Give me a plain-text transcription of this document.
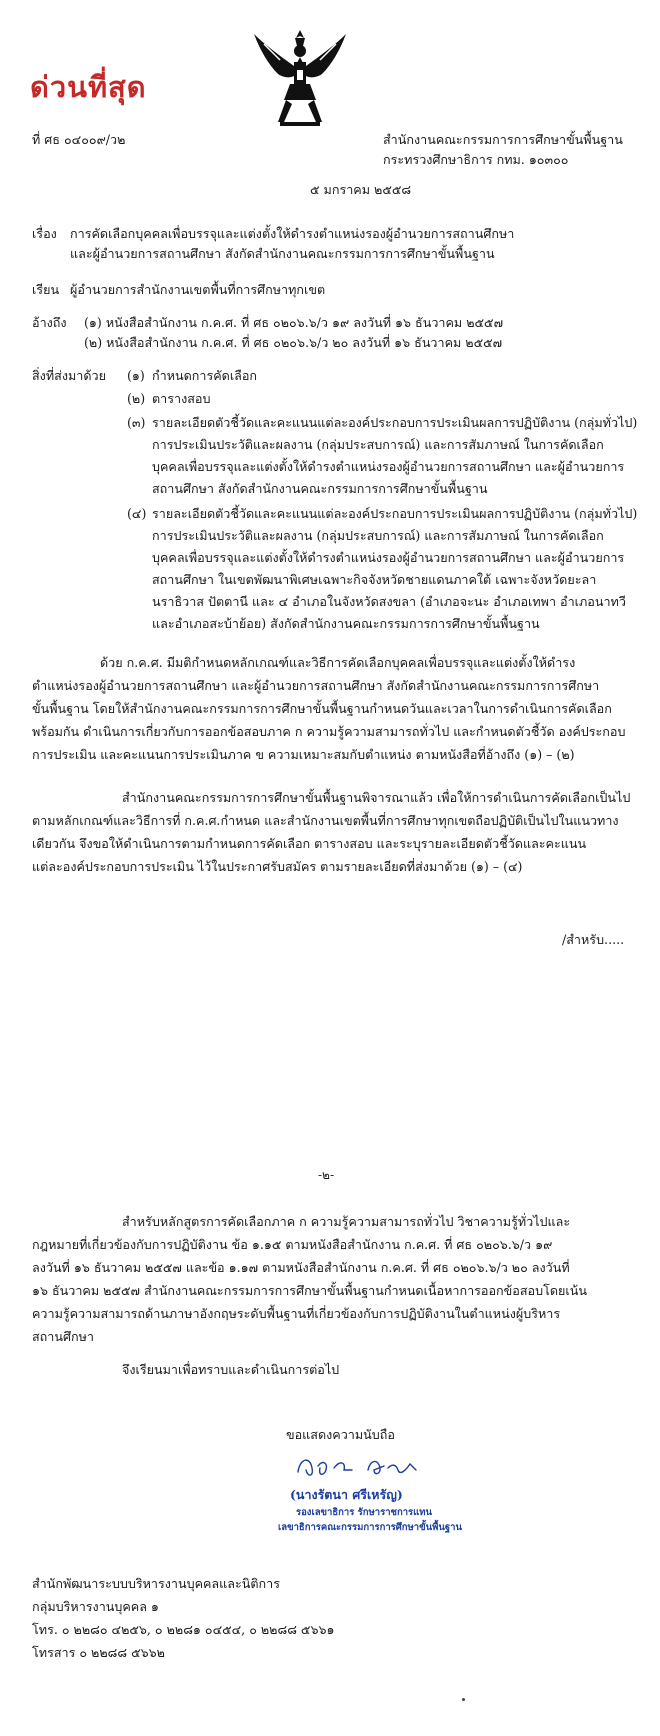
ด่วนที่สุด
ที่ ศธ ๐๔๐๐๙/ว๒	สำนักงานคณะกรรมการการศึกษาขั้นพื้นฐาน
กระทรวงศึกษาธิการ กทม. ๑๐๓๐๐
๕ มกราคม ๒๕๕๘
เรื่อง การคัดเลือกบุคคลเพื่อบรรจุและแต่งตั้งให้ดำรงตำแหน่งรองผู้อำนวยการสถานศึกษา
และผู้อำนวยการสถานศึกษา สังกัดสำนักงานคณะกรรมการการศึกษาขั้นพื้นฐาน
เรียน ผู้อำนวยการสำนักงานเขตพื้นที่การศึกษาทุกเขต
อ้างถึง (๑) หนังสือสำนักงาน ก.ค.ศ. ที่ ศธ ๐๒๐๖.๖/ว ๑๙ ลงวันที่ ๑๖ ธันวาคม ๒๕๕๗
(๒) หนังสือสำนักงาน ก.ค.ศ. ที่ ศธ ๐๒๐๖.๖/ว ๒๐ ลงวันที่ ๑๖ ธันวาคม ๒๕๕๗
สิ่งที่ส่งมาด้วย (๑) กำหนดการคัดเลือก
(๒) ตารางสอบ
(๓) รายละเอียดตัวชี้วัดและคะแนนแต่ละองค์ประกอบการประเมินผลการปฏิบัติงาน (กลุ่มทั่วไป)
การประเมินประวัติและผลงาน (กลุ่มประสบการณ์) และการสัมภาษณ์ ในการคัดเลือก
บุคคลเพื่อบรรจุและแต่งตั้งให้ดำรงตำแหน่งรองผู้อำนวยการสถานศึกษา และผู้อำนวยการ
สถานศึกษา สังกัดสำนักงานคณะกรรมการการศึกษาขั้นพื้นฐาน
(๔) รายละเอียดตัวชี้วัดและคะแนนแต่ละองค์ประกอบการประเมินผลการปฏิบัติงาน (กลุ่มทั่วไป)
การประเมินประวัติและผลงาน (กลุ่มประสบการณ์) และการสัมภาษณ์ ในการคัดเลือก
บุคคลเพื่อบรรจุและแต่งตั้งให้ดำรงตำแหน่งรองผู้อำนวยการสถานศึกษา และผู้อำนวยการ
สถานศึกษา ในเขตพัฒนาพิเศษเฉพาะกิจจังหวัดชายแดนภาคใต้ เฉพาะจังหวัดยะลา
นราธิวาส ปัตตานี และ ๔ อำเภอในจังหวัดสงขลา (อำเภอจะนะ อำเภอเทพา อำเภอนาทวี
และอำเภอสะบ้าย้อย) สังกัดสำนักงานคณะกรรมการการศึกษาขั้นพื้นฐาน
ด้วย ก.ค.ศ. มีมติกำหนดหลักเกณฑ์และวิธีการคัดเลือกบุคคลเพื่อบรรจุและแต่งตั้งให้ดำรง
ตำแหน่งรองผู้อำนวยการสถานศึกษา และผู้อำนวยการสถานศึกษา สังกัดสำนักงานคณะกรรมการการศึกษา
ขั้นพื้นฐาน โดยให้สำนักงานคณะกรรมการการศึกษาขั้นพื้นฐานกำหนดวันและเวลาในการดำเนินการคัดเลือก
พร้อมกัน ดำเนินการเกี่ยวกับการออกข้อสอบภาค ก ความรู้ความสามารถทั่วไป และกำหนดตัวชี้วัด องค์ประกอบ
การประเมิน และคะแนนการประเมินภาค ข ความเหมาะสมกับตำแหน่ง ตามหนังสือที่อ้างถึง (๑) – (๒)
สำนักงานคณะกรรมการการศึกษาขั้นพื้นฐานพิจารณาแล้ว เพื่อให้การดำเนินการคัดเลือกเป็นไป
ตามหลักเกณฑ์และวิธีการที่ ก.ค.ศ.กำหนด และสำนักงานเขตพื้นที่การศึกษาทุกเขตถือปฏิบัติเป็นไปในแนวทาง
เดียวกัน จึงขอให้ดำเนินการตามกำหนดการคัดเลือก ตารางสอบ และระบุรายละเอียดตัวชี้วัดและคะแนน
แต่ละองค์ประกอบการประเมิน ไว้ในประกาศรับสมัคร ตามรายละเอียดที่ส่งมาด้วย (๑) – (๔)
/สำหรับ.....
-๒-
สำหรับหลักสูตรการคัดเลือกภาค ก ความรู้ความสามารถทั่วไป วิชาความรู้ทั่วไปและ
กฎหมายที่เกี่ยวข้องกับการปฏิบัติงาน ข้อ ๑.๑๕ ตามหนังสือสำนักงาน ก.ค.ศ. ที่ ศธ ๐๒๐๖.๖/ว ๑๙
ลงวันที่ ๑๖ ธันวาคม ๒๕๕๗ และข้อ ๑.๑๗ ตามหนังสือสำนักงาน ก.ค.ศ. ที่ ศธ ๐๒๐๖.๖/ว ๒๐ ลงวันที่
๑๖ ธันวาคม ๒๕๕๗ สำนักงานคณะกรรมการการศึกษาขั้นพื้นฐานกำหนดเนื้อหาการออกข้อสอบโดยเน้น
ความรู้ความสามารถด้านภาษาอังกฤษระดับพื้นฐานที่เกี่ยวข้องกับการปฏิบัติงานในตำแหน่งผู้บริหาร
สถานศึกษา
จึงเรียนมาเพื่อทราบและดำเนินการต่อไป
ขอแสดงความนับถือ
(นางรัตนา ศรีเหรัญ)
รองเลขาธิการ รักษาราชการแทน
เลขาธิการคณะกรรมการการศึกษาขั้นพื้นฐาน
สำนักพัฒนาระบบบริหารงานบุคคลและนิติการ
กลุ่มบริหารงานบุคคล ๑
โทร. ๐ ๒๒๘๐ ๔๒๕๖, ๐ ๒๒๘๑ ๐๔๕๔, ๐ ๒๒๘๘ ๕๖๖๑
โทรสาร ๐ ๒๒๘๘ ๕๖๖๒
